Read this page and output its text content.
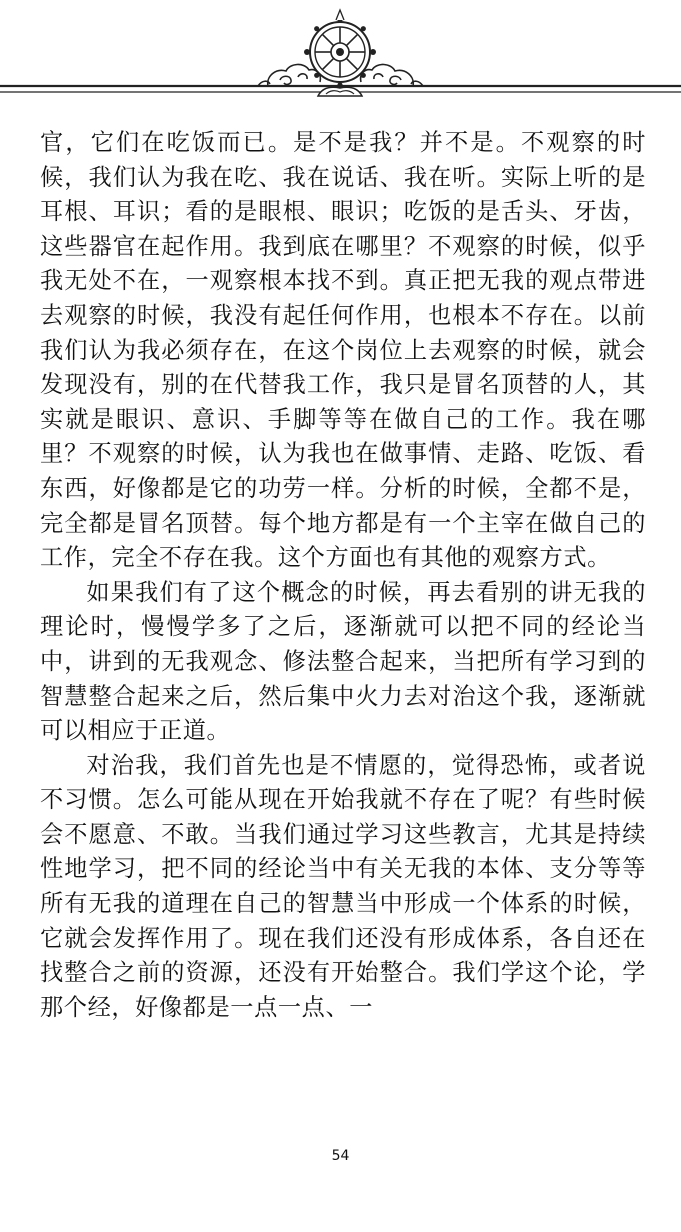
官，它们在吃饭而已。是不是我？并不是。不观察的时候，我们认为我在吃、我在说话、我在听。实际上听的是耳根、耳识；看的是眼根、眼识；吃饭的是舌头、牙齿，这些器官在起作用。我到底在哪里？不观察的时候，似乎我无处不在，一观察根本找不到。真正把无我的观点带进去观察的时候，我没有起任何作用，也根本不存在。以前我们认为我必须存在，在这个岗位上去观察的时候，就会发现没有，别的在代替我工作，我只是冒名顶替的人，其实就是眼识、意识、手脚等等在做自己的工作。我在哪里？不观察的时候，认为我也在做事情、走路、吃饭、看东西，好像都是它的功劳一样。分析的时候，全都不是，完全都是冒名顶替。每个地方都是有一个主宰在做自己的工作，完全不存在我。这个方面也有其他的观察方式。

如果我们有了这个概念的时候，再去看别的讲无我的理论时，慢慢学多了之后，逐渐就可以把不同的经论当中，讲到的无我观念、修法整合起来，当把所有学习到的智慧整合起来之后，然后集中火力去对治这个我，逐渐就可以相应于正道。

对治我，我们首先也是不情愿的，觉得恐怖，或者说不习惯。怎么可能从现在开始我就不存在了呢？有些时候会不愿意、不敢。当我们通过学习这些教言，尤其是持续性地学习，把不同的经论当中有关无我的本体、支分等等所有无我的道理在自己的智慧当中形成一个体系的时候，它就会发挥作用了。现在我们还没有形成体系，各自还在找整合之前的资源，还没有开始整合。我们学这个论，学那个经，好像都是一点一点、一

54
